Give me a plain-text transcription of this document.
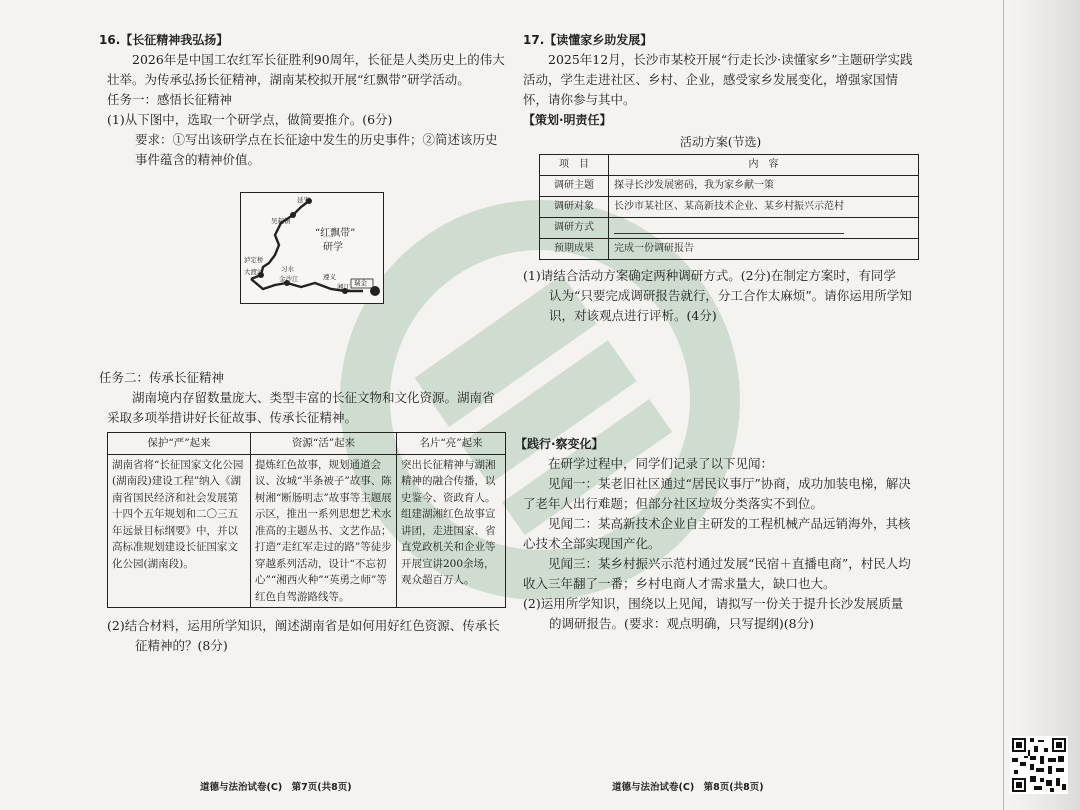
16.【长征精神我弘扬】

2026年是中国工农红军长征胜利90周年，长征是人类历史上的伟大壮举。为传承弘扬长征精神，湖南某校拟开展“红飘带”研学活动。

任务一：感悟长征精神

(1)从下图中，选取一个研学点，做简要推介。(6分)

要求：①写出该研学点在长征途中发生的历史事件；②简述该历史

事件蕴含的精神价值。

延安
吴起镇
“红飘带”
研学
泸定桥
大渡河	习水
金沙江	遵义
湘江 瑞金

任务二：传承长征精神

湖南境内存留数量庞大、类型丰富的长征文物和文化资源。湖南省采取多项举措讲好长征故事、传承长征精神。

保护“严”起来	资源“活”起来	名片“亮”起来
湖南省将“长征国家文化公园(湖南段)建设工程”纳入《湖南省国民经济和社会发展第十四个五年规划和二〇三五年远景目标纲要》中，并以高标准规划建设长征国家文化公园(湖南段)。	提炼红色故事，规划通道会议、汝城“半条被子”故事、陈树湘“断肠明志”故事等主题展示区，推出一系列思想艺术水准高的主题丛书、文艺作品；打造“走红军走过的路”等徒步穿越系列活动，设计“不忘初心”“湘西火种”“英勇之师”等红色自驾游路线等。	突出长征精神与湖湘精神的融合传播，以史鉴今、资政育人。组建湖湘红色故事宣讲团，走进国家、省直党政机关和企业等开展宣讲200余场，观众超百万人。

(2)结合材料，运用所学知识，阐述湖南省是如何用好红色资源、传承长

征精神的？(8分)

17.【读懂家乡助发展】

2025年12月，长沙市某校开展“行走长沙·读懂家乡”主题研学实践活动，学生走进社区、乡村、企业，感受家乡发展变化，增强家国情怀，请你参与其中。

【策划·明责任】

活动方案(节选)

项　目	内　容
调研主题	探寻长沙发展密码，我为家乡献一策
调研对象	长沙市某社区、某高新技术企业、某乡村振兴示范村
调研方式	
预期成果	完成一份调研报告

(1)请结合活动方案确定两种调研方式。(2分)在制定方案时，有同学

认为“只要完成调研报告就行，分工合作太麻烦”。请你运用所学知

识，对该观点进行评析。(4分)

【践行·察变化】

在研学过程中，同学们记录了以下见闻：

见闻一：某老旧社区通过“居民议事厅”协商，成功加装电梯，解决了老年人出行难题；但部分社区垃圾分类落实不到位。

见闻二：某高新技术企业自主研发的工程机械产品远销海外，其核心技术全部实现国产化。

见闻三：某乡村振兴示范村通过发展“民宿＋直播电商”，村民人均收入三年翻了一番；乡村电商人才需求量大，缺口也大。

(2)运用所学知识，围绕以上见闻，请拟写一份关于提升长沙发展质量

的调研报告。(要求：观点明确，只写提纲)(8分)

道德与法治试卷(C)　第7页(共8页)	道德与法治试卷(C)　第8页(共8页)
